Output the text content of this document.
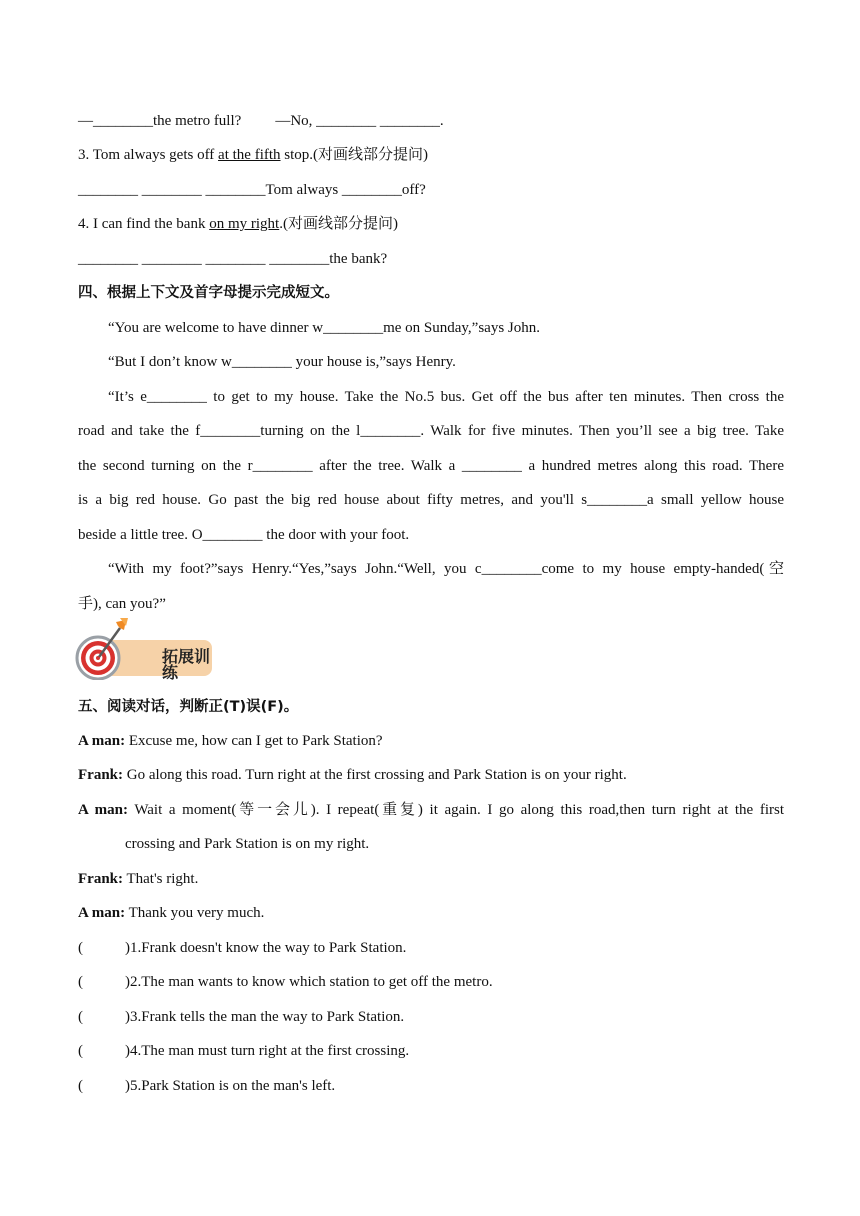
—________the metro full? —No, ________ ________.
3. Tom always gets off at the fifth stop.(对画线部分提问)
________ ________ ________Tom always ________off?
4. I can find the bank on my right.(对画线部分提问)
________ ________ ________ ________the bank?
四、根据上下文及首字母提示完成短文。
“You are welcome to have dinner w________me on Sunday,”says John.
“But I don’t know w________ your house is,”says Henry.
“It’s e________ to get to my house. Take the No.5 bus. Get off the bus after ten minutes. Then cross the
road and take the f________turning on the l________. Walk for five minutes. Then you’ll see a big tree. Take
the second turning on the r________ after the tree. Walk a ________ a hundred metres along this road. There
is a big red house. Go past the big red house about fifty metres, and you'll s________a small yellow house
beside a little tree. O________ the door with your foot.
“With my foot?”says Henry.“Yes,”says John.“Well, you c________come to my house empty-handed(空
手), can you?”
拓展训练
五、阅读对话，判断正(T)误(F)。
A man: Excuse me, how can I get to Park Station?
Frank: Go along this road. Turn right at the first crossing and Park Station is on your right.
A man: Wait a moment(等一会儿). I repeat(重复) it again. I go along this road,then turn right at the first
crossing and Park Station is on my right.
Frank: That's right.
A man: Thank you very much.
(	)1.Frank doesn't know the way to Park Station.
(	)2.The man wants to know which station to get off the metro.
(	)3.Frank tells the man the way to Park Station.
(	)4.The man must turn right at the first crossing.
(	)5.Park Station is on the man's left.
